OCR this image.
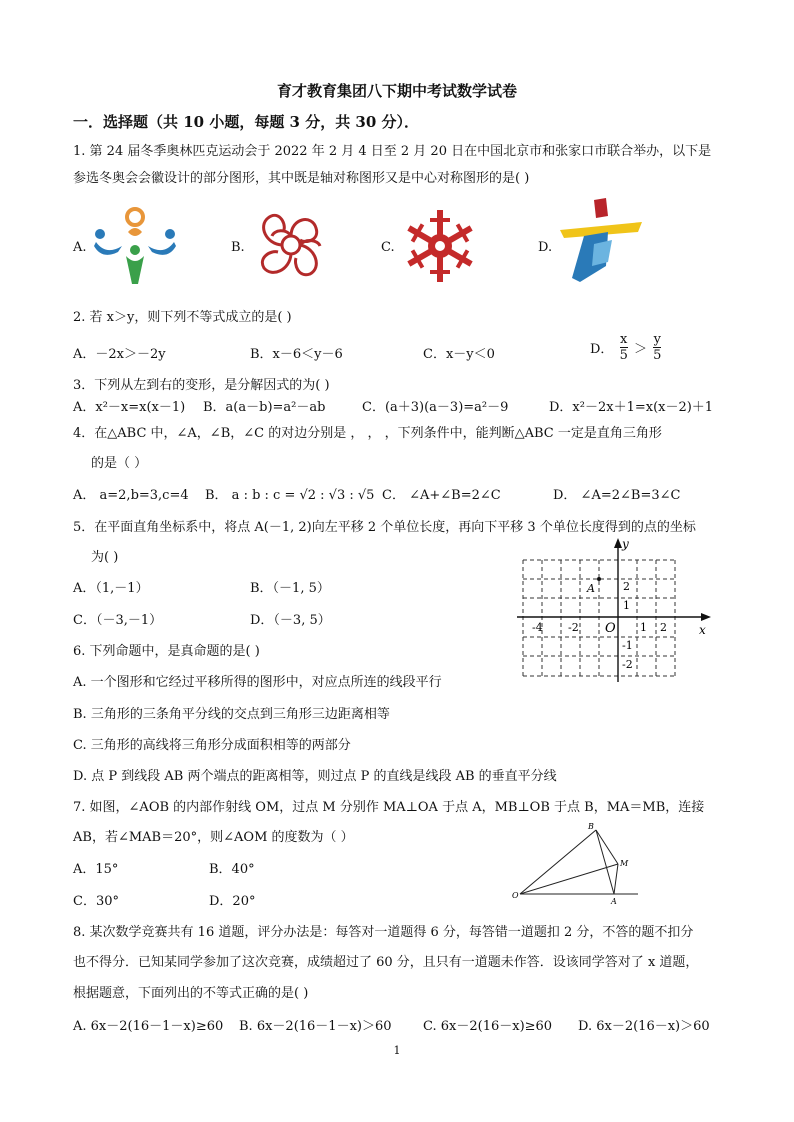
育才教育集团八下期中考试数学试卷
一．选择题（共 10 小题，每题 3 分，共 30 分）．
1. 第 24 届冬季奥林匹克运动会于 2022 年 2 月 4 日至 2 月 20 日在中国北京市和张家口市联合举办，以下是
参选冬奥会会徽设计的部分图形，其中既是轴对称图形又是中心对称图形的是( )
A.	B.	C.	D.
2. 若 x＞y，则下列不等式成立的是( )
A．－2x＞－2y	B．x－6＜y－6	C．x－y＜0	D． $\frac{x}{5} > \frac{y}{5}$
3．下列从左到右的变形，是分解因式的为( )
A．x²－x=x(x－1) B．a(a－b)=a²－ab	C．(a＋3)(a－3)=a²－9	D．x²－2x＋1=x(x－2)＋1
4．在△ABC 中，∠A，∠B，∠C 的对边分别是 ， ， ，下列条件中，能判断△ABC 一定是直角三角形
的是（ ）
A． a=2,b=3,c=4 B． a : b : c = √2 : √3 : √5 C． ∠A+∠B=2∠C	D． ∠A=2∠B=3∠C
5．在平面直角坐标系中，将点 A(－1, 2)向左平移 2 个单位长度，再向下平移 3 个单位长度得到的点的坐标
为( )
A．（1,－1）	B．（－1, 5）
C．（－3,－1）	D．（－3, 5）
y
x
O
A
-4 -2	1 2
2
1
-1
-2
6. 下列命题中，是真命题的是( )
A. 一个图形和它经过平移所得的图形中，对应点所连的线段平行
B. 三角形的三条角平分线的交点到三角形三边距离相等
C. 三角形的高线将三角形分成面积相等的两部分
D. 点 P 到线段 AB 两个端点的距离相等，则过点 P 的直线是线段 AB 的垂直平分线
7. 如图，∠AOB 的内部作射线 OM，过点 M 分别作 MA⊥OA 于点 A，MB⊥OB 于点 B，MA＝MB，连接
AB，若∠MAB＝20°，则∠AOM 的度数为（ ）
A．15°	B．40°
C．30°	D．20°
B
M
O
A
8. 某次数学竞赛共有 16 道题，评分办法是：每答对一道题得 6 分，每答错一道题扣 2 分，不答的题不扣分
也不得分．已知某同学参加了这次竞赛，成绩超过了 60 分，且只有一道题未作答．设该同学答对了 x 道题，
根据题意，下面列出的不等式正确的是( )
A. 6x－2(16－1－x)≥60 B. 6x－2(16－1－x)＞60 C. 6x－2(16－x)≥60 D. 6x－2(16－x)＞60
1
